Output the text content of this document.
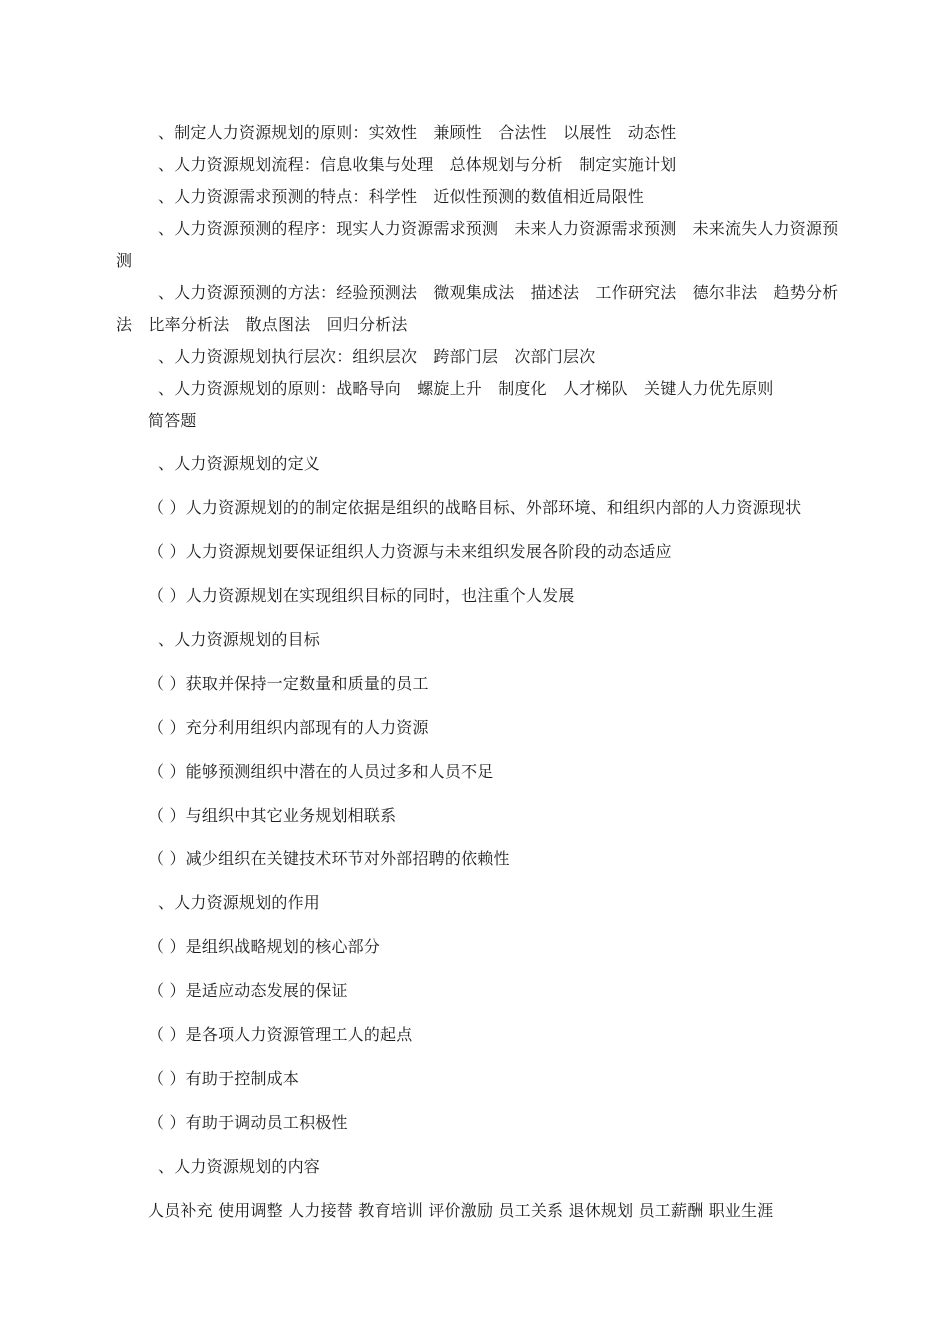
、制定人力资源规划的原则：实效性　兼顾性　合法性　以展性　动态性
、人力资源规划流程：信息收集与处理　总体规划与分析　制定实施计划
、人力资源需求预测的特点：科学性　近似性预测的数值相近局限性
、人力资源预测的程序：现实人力资源需求预测　未来人力资源需求预测　未来流失人力资源预测
、人力资源预测的方法：经验预测法　微观集成法　描述法　工作研究法　德尔非法　趋势分析法　比率分析法　散点图法　回归分析法
、人力资源规划执行层次：组织层次　跨部门层　次部门层次
、人力资源规划的原则：战略导向　螺旋上升　制度化　人才梯队　关键人力优先原则
简答题
、人力资源规划的定义
（ ）人力资源规划的的制定依据是组织的战略目标、外部环境、和组织内部的人力资源现状
（ ）人力资源规划要保证组织人力资源与未来组织发展各阶段的动态适应
（ ）人力资源规划在实现组织目标的同时，也注重个人发展
、人力资源规划的目标
（ ）获取并保持一定数量和质量的员工
（ ）充分利用组织内部现有的人力资源
（ ）能够预测组织中潜在的人员过多和人员不足
（ ）与组织中其它业务规划相联系
（ ）减少组织在关键技术环节对外部招聘的依赖性
、人力资源规划的作用
（ ）是组织战略规划的核心部分
（ ）是适应动态发展的保证
（ ）是各项人力资源管理工人的起点
（ ）有助于控制成本
（ ）有助于调动员工积极性
、人力资源规划的内容
人员补充 使用调整 人力接替 教育培训 评价激励 员工关系 退休规划 员工薪酬 职业生涯
